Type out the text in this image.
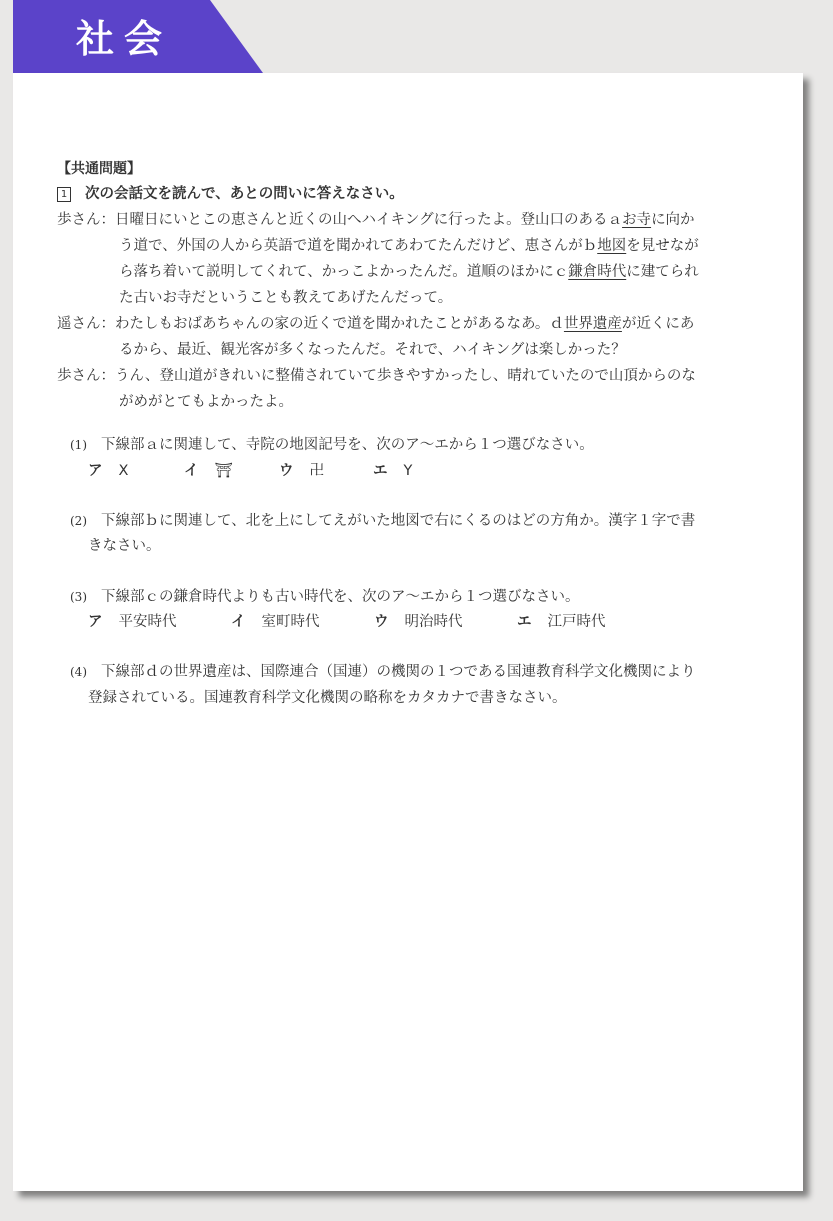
社会
【共通問題】
1 次の会話文を読んで、あとの問いに答えなさい。
歩さん：日曜日にいとこの恵さんと近くの山へハイキングに行ったよ。登山口のあるａお寺に向か
う道で、外国の人から英語で道を聞かれてあわてたんだけど、恵さんがｂ地図を見せなが
ら落ち着いて説明してくれて、かっこよかったんだ。道順のほかにｃ鎌倉時代に建てられ
た古いお寺だということも教えてあげたんだって。
遥さん：わたしもおばあちゃんの家の近くで道を聞かれたことがあるなあ。ｄ世界遺産が近くにあ
るから、最近、観光客が多くなったんだ。それで、ハイキングは楽しかった？
歩さん：うん、登山道がきれいに整備されていて歩きやすかったし、晴れていたので山頂からのな
がめがとてもよかったよ。
(1) 下線部ａに関連して、寺院の地図記号を、次のア～エから１つ選びなさい。
ア X	イ ⛩	ウ 卍	エ Y
(2) 下線部ｂに関連して、北を上にしてえがいた地図で右にくるのはどの方角か。漢字１字で書
きなさい。
(3) 下線部ｃの鎌倉時代よりも古い時代を、次のア～エから１つ選びなさい。
ア 平安時代	イ 室町時代	ウ 明治時代	エ 江戸時代
(4) 下線部ｄの世界遺産は、国際連合（国連）の機関の１つである国連教育科学文化機関により
登録されている。国連教育科学文化機関の略称をカタカナで書きなさい。
